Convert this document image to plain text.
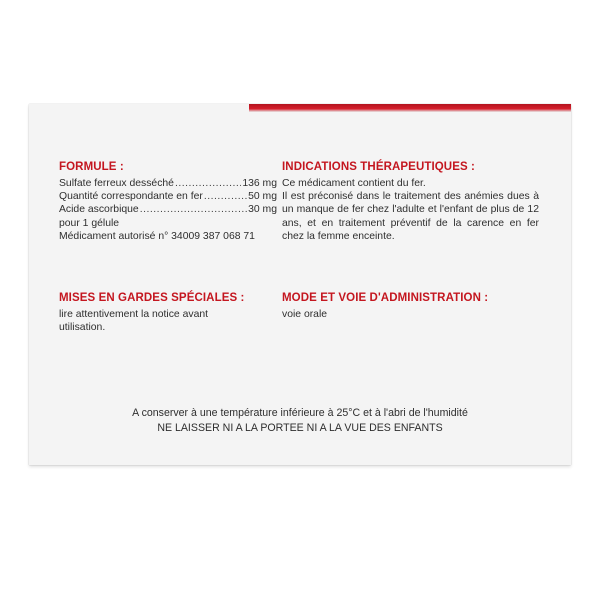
FORMULE :
Sulfate ferreux desséché .....	136 mg
Quantité correspondante en fer .....	50 mg
Acide ascorbique .....	30 mg
pour 1 gélule
Médicament autorisé n° 34009 387 068 71
INDICATIONS THÉRAPEUTIQUES :
Ce médicament contient du fer.
Il est préconisé dans le traitement des anémies dues à un manque de fer chez l'adulte et l'enfant de plus de 12 ans, et en traitement préventif de la carence en fer chez la femme enceinte.
MISES EN GARDES SPÉCIALES :
lire attentivement la notice avant utilisation.
MODE ET VOIE D'ADMINISTRATION :
voie orale
A conserver à une température inférieure à 25°C et à l'abri de l'humidité
NE LAISSER NI A LA PORTEE NI A LA VUE DES ENFANTS
